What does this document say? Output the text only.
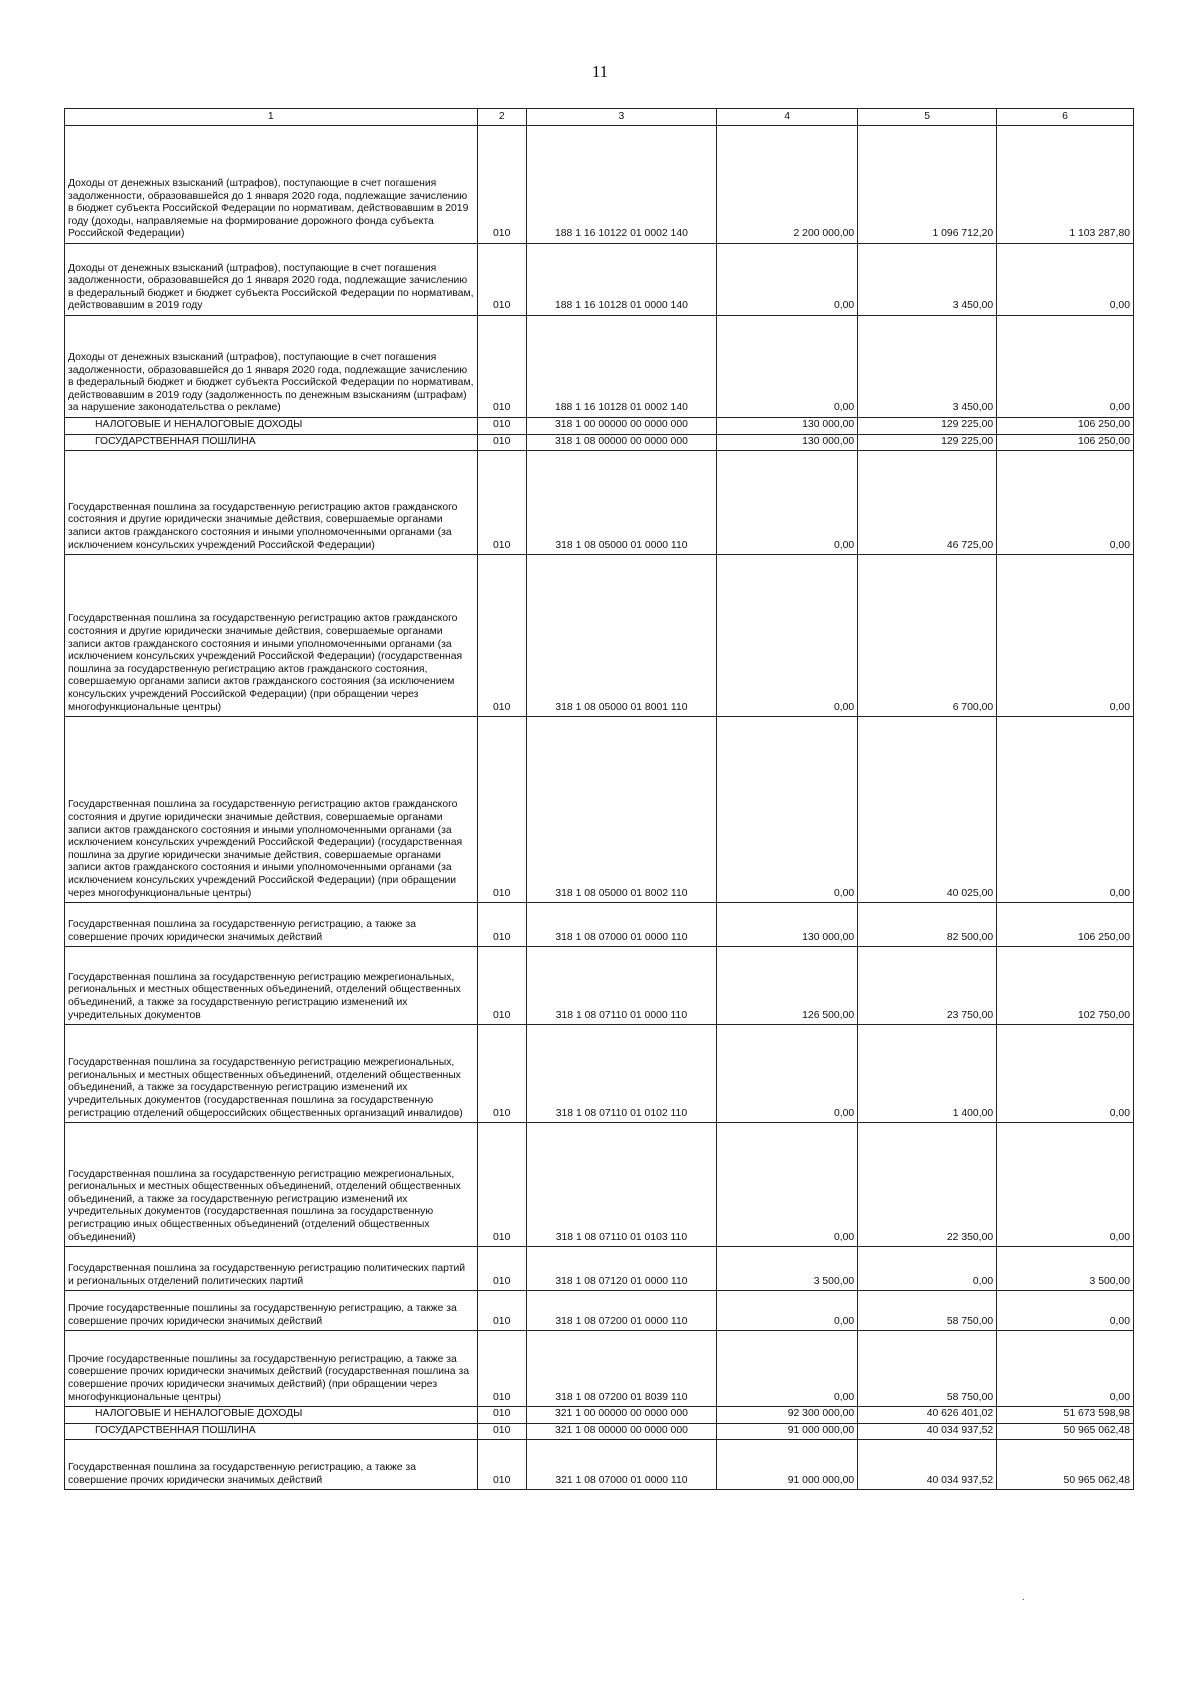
11
1	2	3	4	5	6
Доходы от денежных взысканий (штрафов), поступающие в счет погашения задолженности, образовавшейся до 1 января 2020 года, подлежащие зачислению в бюджет субъекта Российской Федерации по нормативам, действовавшим в 2019 году (доходы, направляемые на формирование дорожного фонда субъекта Российской Федерации)	010	188 1 16 10122 01 0002 140	2 200 000,00	1 096 712,20	1 103 287,80
Доходы от денежных взысканий (штрафов), поступающие в счет погашения задолженности, образовавшейся до 1 января 2020 года, подлежащие зачислению в федеральный бюджет и бюджет субъекта Российской Федерации по нормативам, действовавшим в 2019 году	010	188 1 16 10128 01 0000 140	0,00	3 450,00	0,00
Доходы от денежных взысканий (штрафов), поступающие в счет погашения задолженности, образовавшейся до 1 января 2020 года, подлежащие зачислению в федеральный бюджет и бюджет субъекта Российской Федерации по нормативам, действовавшим в 2019 году (задолженность по денежным взысканиям (штрафам) за нарушение законодательства о рекламе)	010	188 1 16 10128 01 0002 140	0,00	3 450,00	0,00
НАЛОГОВЫЕ И НЕНАЛОГОВЫЕ ДОХОДЫ	010	318 1 00 00000 00 0000 000	130 000,00	129 225,00	106 250,00
ГОСУДАРСТВЕННАЯ ПОШЛИНА	010	318 1 08 00000 00 0000 000	130 000,00	129 225,00	106 250,00
Государственная пошлина за государственную регистрацию актов гражданского состояния и другие юридически значимые действия, совершаемые органами записи актов гражданского состояния и иными уполномоченными органами (за исключением консульских учреждений Российской Федерации)	010	318 1 08 05000 01 0000 110	0,00	46 725,00	0,00
Государственная пошлина за государственную регистрацию актов гражданского состояния и другие юридически значимые действия, совершаемые органами записи актов гражданского состояния и иными уполномоченными органами (за исключением консульских учреждений Российской Федерации) (государственная пошлина за государственную регистрацию актов гражданского состояния, совершаемую органами записи актов гражданского состояния (за исключением консульских учреждений Российской Федерации) (при обращении через многофункциональные центры)	010	318 1 08 05000 01 8001 110	0,00	6 700,00	0,00
Государственная пошлина за государственную регистрацию актов гражданского состояния и другие юридически значимые действия, совершаемые органами записи актов гражданского состояния и иными уполномоченными органами (за исключением консульских учреждений Российской Федерации) (государственная пошлина за другие юридически значимые действия, совершаемые органами записи актов гражданского состояния и иными уполномоченными органами (за исключением консульских учреждений Российской Федерации) (при обращении через многофункциональные центры)	010	318 1 08 05000 01 8002 110	0,00	40 025,00	0,00
Государственная пошлина за государственную регистрацию, а также за совершение прочих юридически значимых действий	010	318 1 08 07000 01 0000 110	130 000,00	82 500,00	106 250,00
Государственная пошлина за государственную регистрацию межрегиональных, региональных и местных общественных объединений, отделений общественных объединений, а также за государственную регистрацию изменений их учредительных документов	010	318 1 08 07110 01 0000 110	126 500,00	23 750,00	102 750,00
Государственная пошлина за государственную регистрацию межрегиональных, региональных и местных общественных объединений, отделений общественных объединений, а также за государственную регистрацию изменений их учредительных документов (государственная пошлина за государственную регистрацию отделений общероссийских общественных организаций инвалидов)	010	318 1 08 07110 01 0102 110	0,00	1 400,00	0,00
Государственная пошлина за государственную регистрацию межрегиональных, региональных и местных общественных объединений, отделений общественных объединений, а также за государственную регистрацию изменений их учредительных документов (государственная пошлина за государственную регистрацию иных общественных объединений (отделений общественных объединений)	010	318 1 08 07110 01 0103 110	0,00	22 350,00	0,00
Государственная пошлина за государственную регистрацию политических партий и региональных отделений политических партий	010	318 1 08 07120 01 0000 110	3 500,00	0,00	3 500,00
Прочие государственные пошлины за государственную регистрацию, а также за совершение прочих юридически значимых действий	010	318 1 08 07200 01 0000 110	0,00	58 750,00	0,00
Прочие государственные пошлины за государственную регистрацию, а также за совершение прочих юридически значимых действий (государственная пошлина за совершение прочих юридически значимых действий) (при обращении через многофункциональные центры)	010	318 1 08 07200 01 8039 110	0,00	58 750,00	0,00
НАЛОГОВЫЕ И НЕНАЛОГОВЫЕ ДОХОДЫ	010	321 1 00 00000 00 0000 000	92 300 000,00	40 626 401,02	51 673 598,98
ГОСУДАРСТВЕННАЯ ПОШЛИНА	010	321 1 08 00000 00 0000 000	91 000 000,00	40 034 937,52	50 965 062,48
Государственная пошлина за государственную регистрацию, а также за совершение прочих юридически значимых действий	010	321 1 08 07000 01 0000 110	91 000 000,00	40 034 937,52	50 965 062,48
.
